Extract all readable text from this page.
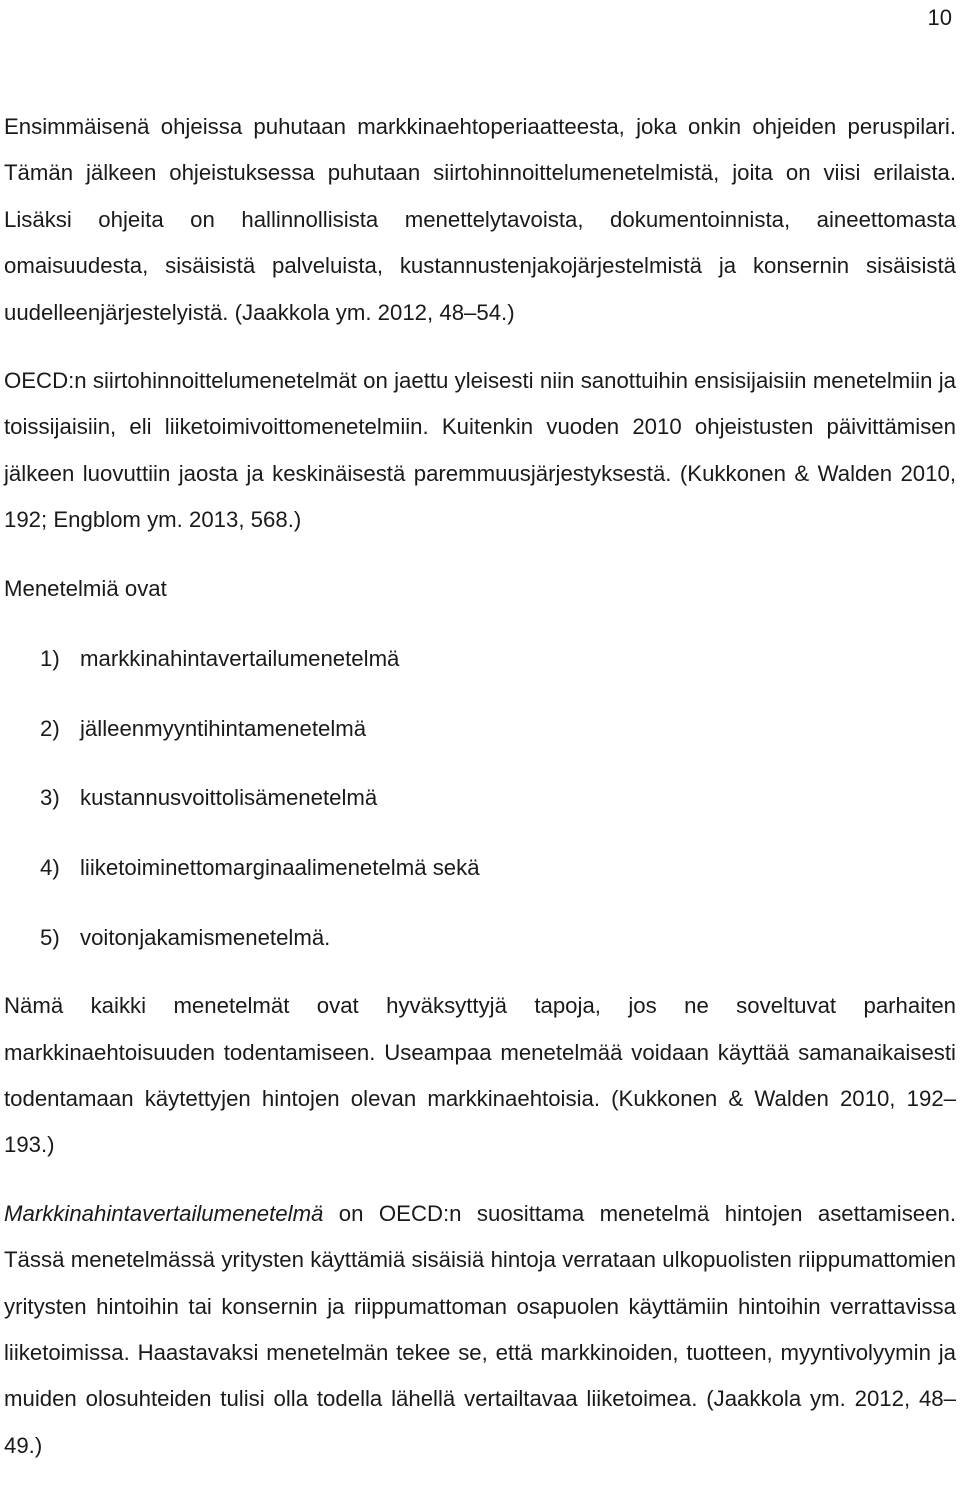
10

Ensimmäisenä ohjeissa puhutaan markkinaehtoperiaatteesta, joka onkin ohjeiden peruspilari. Tämän jälkeen ohjeistuksessa puhutaan siirtohinnoittelumenetelmistä, joita on viisi erilaista. Lisäksi ohjeita on hallinnollisista menettelytavoista, dokumentoinnista, aineettomasta omaisuudesta, sisäisistä palveluista, kustannustenjakojärjestelmistä ja konsernin sisäisistä uudelleenjärjestelyistä. (Jaakkola ym. 2012, 48–54.)

OECD:n siirtohinnoittelumenetelmät on jaettu yleisesti niin sanottuihin ensisijaisiin menetelmiin ja toissijaisiin, eli liiketoimivoittomenetelmiin. Kuitenkin vuoden 2010 ohjeistusten päivittämisen jälkeen luovuttiin jaosta ja keskinäisestä paremmuusjärjestyksestä. (Kukkonen & Walden 2010, 192; Engblom ym. 2013, 568.)

Menetelmiä ovat

1) markkinahintavertailumenetelmä
2) jälleenmyyntihintamenetelmä
3) kustannusvoittolisämenetelmä
4) liiketoiminettomarginaalimenetelmä sekä
5) voitonjakamismenetelmä.

Nämä kaikki menetelmät ovat hyväksyttyjä tapoja, jos ne soveltuvat parhaiten markkinaehtoisuuden todentamiseen. Useampaa menetelmää voidaan käyttää samanaikaisesti todentamaan käytettyjen hintojen olevan markkinaehtoisia. (Kukkonen & Walden 2010, 192–193.)

Markkinahintavertailumenetelmä on OECD:n suosittama menetelmä hintojen asettamiseen. Tässä menetelmässä yritysten käyttämiä sisäisiä hintoja verrataan ulkopuolisten riippumattomien yritysten hintoihin tai konsernin ja riippumattoman osapuolen käyttämiin hintoihin verrattavissa liiketoimissa. Haastavaksi menetelmän tekee se, että markkinoiden, tuotteen, myyntivolyymin ja muiden olosuhteiden tulisi olla todella lähellä vertailtavaa liiketoimea. (Jaakkola ym. 2012, 48–49.)
